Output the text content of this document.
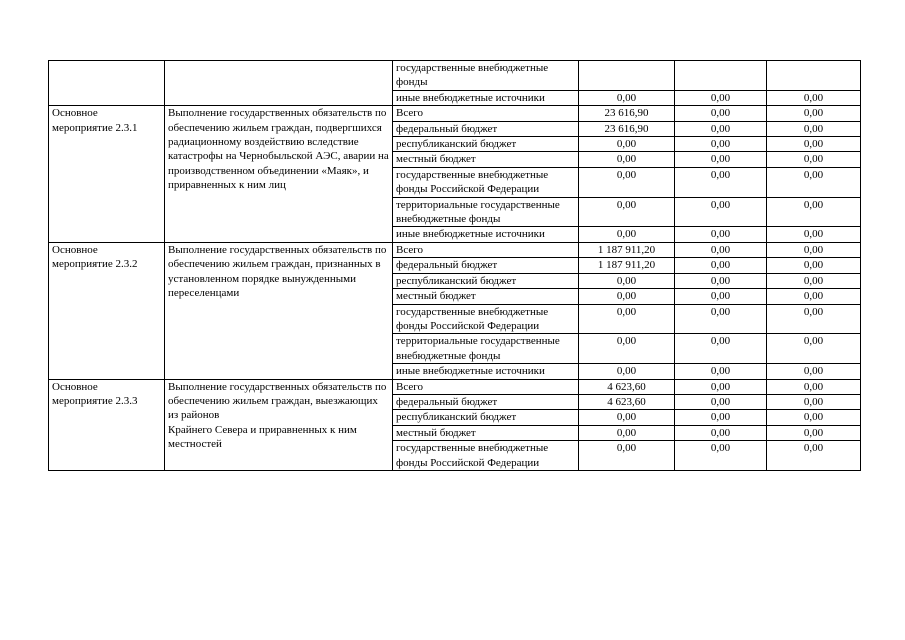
		государственные внебюджетные фонды			
		иные внебюджетные источники	0,00	0,00	0,00
Основное мероприятие 2.3.1	Выполнение государственных обязательств по обеспечению жильем граждан, подвергшихся радиационному воздействию вследствие катастрофы на Чернобыльской АЭС, аварии на производственном объединении «Маяк», и приравненных к ним лиц	Всего	23 616,90	0,00	0,00
		федеральный бюджет	23 616,90	0,00	0,00
		республиканский бюджет	0,00	0,00	0,00
		местный бюджет	0,00	0,00	0,00
		государственные внебюджетные фонды Российской Федерации	0,00	0,00	0,00
		территориальные государственные внебюджетные фонды	0,00	0,00	0,00
		иные внебюджетные источники	0,00	0,00	0,00
Основное мероприятие 2.3.2	Выполнение государственных обязательств по обеспечению жильем граждан, признанных в установленном порядке вынужденными переселенцами	Всего	1 187 911,20	0,00	0,00
		федеральный бюджет	1 187 911,20	0,00	0,00
		республиканский бюджет	0,00	0,00	0,00
		местный бюджет	0,00	0,00	0,00
		государственные внебюджетные фонды Российской Федерации	0,00	0,00	0,00
		территориальные государственные внебюджетные фонды	0,00	0,00	0,00
		иные внебюджетные источники	0,00	0,00	0,00
Основное мероприятие 2.3.3	Выполнение государственных обязательств по обеспечению жильем граждан, выезжающих из районов
Крайнего Севера и приравненных к ним местностей	Всего	4 623,60	0,00	0,00
		федеральный бюджет	4 623,60	0,00	0,00
		республиканский бюджет	0,00	0,00	0,00
		местный бюджет	0,00	0,00	0,00
		государственные внебюджетные фонды Российской Федерации	0,00	0,00	0,00
